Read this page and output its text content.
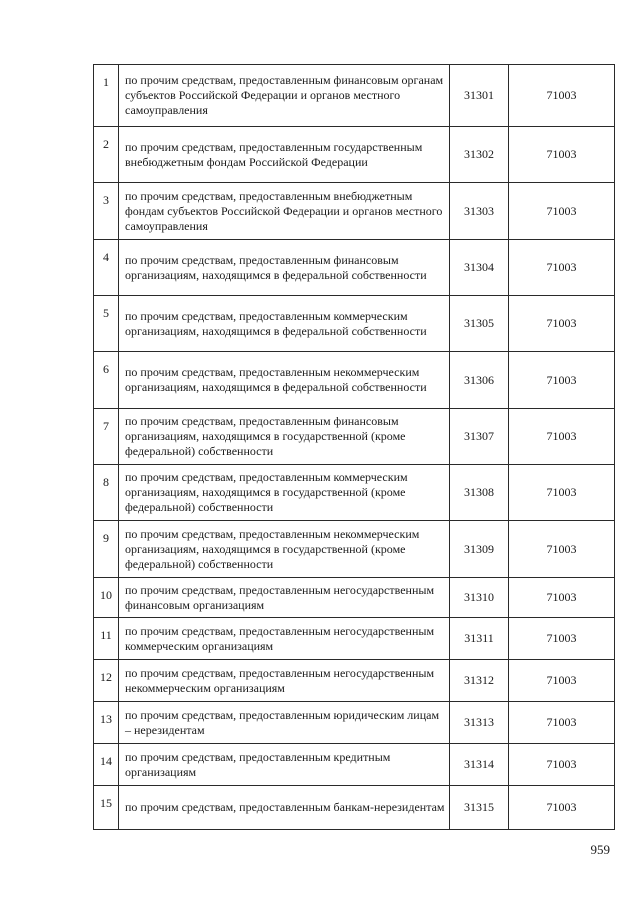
1	по прочим средствам, предоставленным финансовым органам субъектов Российской Федерации и органов местного самоуправления	31301	71003
2	по прочим средствам, предоставленным государственным внебюджетным фондам Российской Федерации	31302	71003
3	по прочим средствам, предоставленным внебюджетным фондам субъектов Российской Федерации и органов местного самоуправления	31303	71003
4	по прочим средствам, предоставленным финансовым организациям, находящимся в федеральной собственности	31304	71003
5	по прочим средствам, предоставленным коммерческим организациям, находящимся в федеральной собственности	31305	71003
6	по прочим средствам, предоставленным некоммерческим организациям, находящимся в федеральной собственности	31306	71003
7	по прочим средствам, предоставленным финансовым организациям, находящимся в государственной (кроме федеральной) собственности	31307	71003
8	по прочим средствам, предоставленным коммерческим организациям, находящимся в государственной (кроме федеральной) собственности	31308	71003
9	по прочим средствам, предоставленным некоммерческим организациям, находящимся в государственной (кроме федеральной) собственности	31309	71003
10	по прочим средствам, предоставленным негосударственным финансовым организациям	31310	71003
11	по прочим средствам, предоставленным негосударственным коммерческим организациям	31311	71003
12	по прочим средствам, предоставленным негосударственным некоммерческим организациям	31312	71003
13	по прочим средствам, предоставленным юридическим лицам – нерезидентам	31313	71003
14	по прочим средствам, предоставленным кредитным организациям	31314	71003
15	по прочим средствам, предоставленным банкам-нерезидентам	31315	71003
959
